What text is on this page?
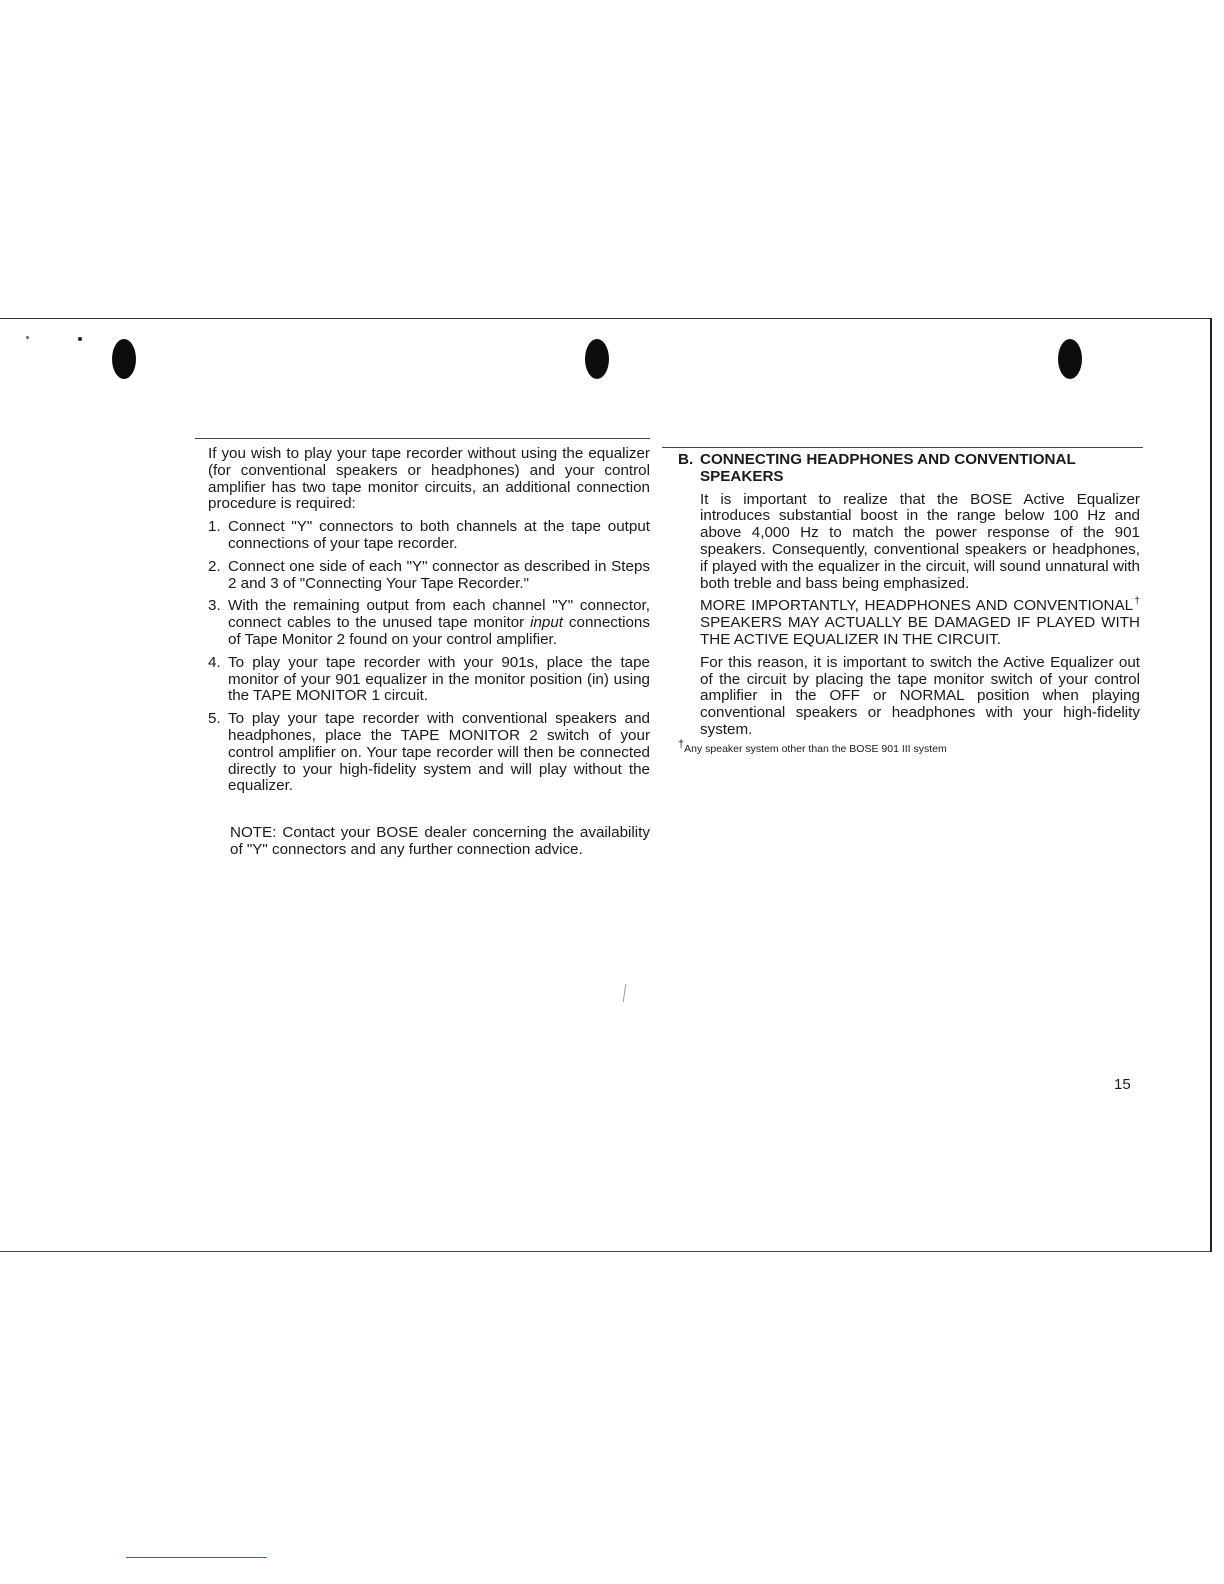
If you wish to play your tape recorder without using the equalizer (for conventional speakers or headphones) and your control amplifier has two tape monitor circuits, an additional connection procedure is required:

1. Connect "Y" connectors to both channels at the tape output connections of your tape recorder.
2. Connect one side of each "Y" connector as described in Steps 2 and 3 of "Connecting Your Tape Recorder."
3. With the remaining output from each channel "Y" connector, connect cables to the unused tape monitor input connections of Tape Monitor 2 found on your control amplifier.
4. To play your tape recorder with your 901s, place the tape monitor of your 901 equalizer in the monitor position (in) using the TAPE MONITOR 1 circuit.
5. To play your tape recorder with conventional speakers and headphones, place the TAPE MONITOR 2 switch of your control amplifier on. Your tape recorder will then be connected directly to your high-fidelity system and will play without the equalizer.

NOTE: Contact your BOSE dealer concerning the availability of "Y" connectors and any further connection advice.

B. CONNECTING HEADPHONES AND CONVENTIONAL SPEAKERS

It is important to realize that the BOSE Active Equalizer introduces substantial boost in the range below 100 Hz and above 4,000 Hz to match the power response of the 901 speakers. Consequently, conventional speakers or headphones, if played with the equalizer in the circuit, will sound unnatural with both treble and bass being emphasized.

MORE IMPORTANTLY, HEADPHONES AND CONVENTIONAL† SPEAKERS MAY ACTUALLY BE DAMAGED IF PLAYED WITH THE ACTIVE EQUALIZER IN THE CIRCUIT.

For this reason, it is important to switch the Active Equalizer out of the circuit by placing the tape monitor switch of your control amplifier in the OFF or NORMAL position when playing conventional speakers or headphones with your high-fidelity system.

†Any speaker system other than the BOSE 901 III system

15
